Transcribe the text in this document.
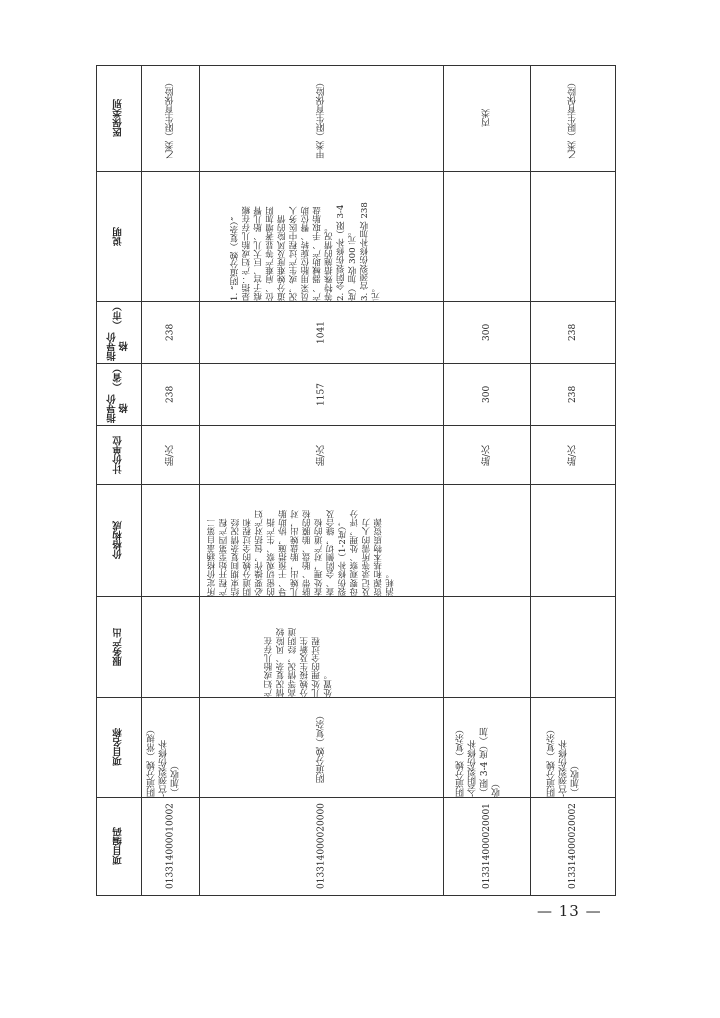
医保类别
说明
指导价格
（市）
指导价格
（省）
计价
单位
价格构成
服务产出
项目名称
项目编码
乙类（限生育保险）
238
238
胎/次
阴道分娩（常规）
-宫颈裂伤修补
（加收）
013314000010002
甲类（限生育保险）
1. “阴道分娩（复杂）”
是指：产妇或胎儿存在瘢
痕子宫、巨大儿、胎儿臀
位、肩难产等显著增加阴
道分娩难度及风险的情
况，或生产过程中医务人
员采用胎位旋转、臀位助
产、器械助产、手取胎盘
等特殊措施的情况。
2. 会阴裂伤修补（限 3-4
度）加收 300 元。
3. 宫颈裂伤修补加收 238
元。
1041
1157
胎/次
所定价格涵盖自第二
产程开始至第四产程
结束期间复杂情况经
阴道分娩的全过程和
必要操作，包括对产妇
的密切观察、生产指
导、干预措施，协助胎
儿娩出，胎盘娩出，对
脐带、胎盘、胎膜的检
查处理，对产道的检
查、会阴侧切，缝合及
裂伤修补（1-2度），
母婴观察、处理，评分
及记录等所需的人力
资源和基本物质资源
消耗。
产妇或胎儿存在
情况复杂、风险较
高等情况，经阴道
分娩接生及新生
儿处理的全过程
处置。
阴道分娩（复杂）
013314000020000
丙类
300
300
胎/次
阴道分娩（复杂）
-会阴裂伤修补
（限 3-4 度）（加
收）
013314000020001
乙类（限生育保险）
238
238
胎/次
阴道分娩（复杂）
-宫颈裂伤修补
（加收）
013314000020002
— 13 —
